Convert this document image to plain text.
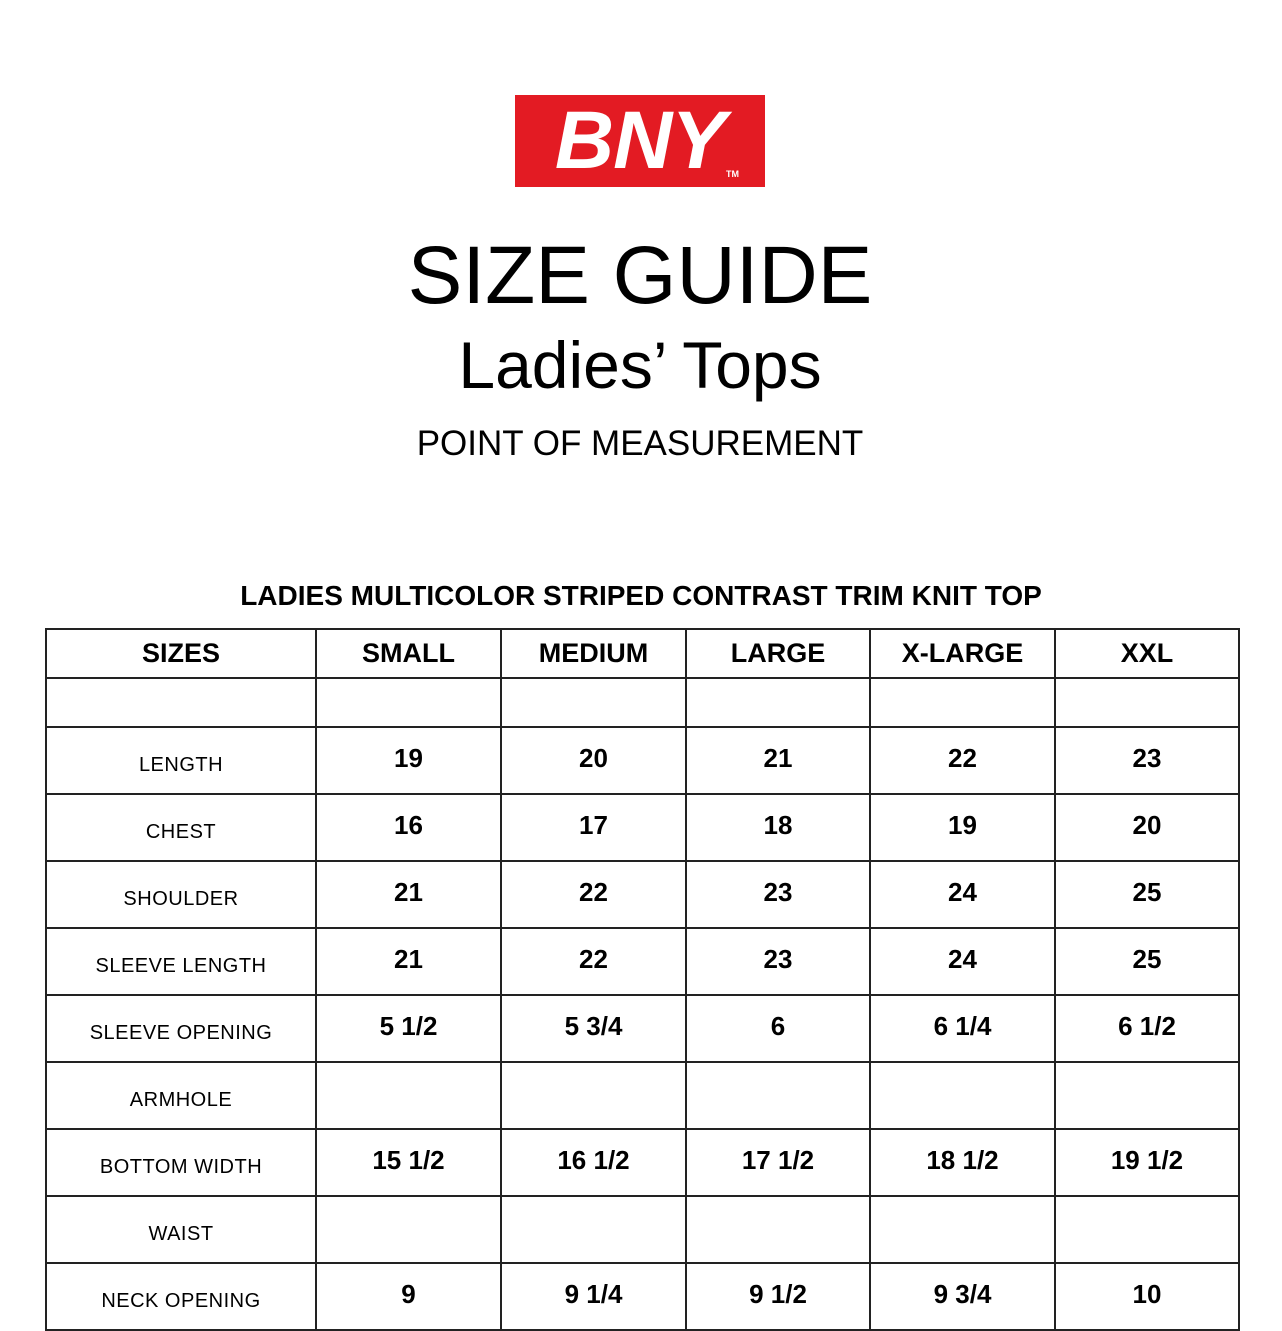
BNY TM
SIZE GUIDE
Ladies’ Tops
POINT OF MEASUREMENT
LADIES MULTICOLOR STRIPED CONTRAST TRIM KNIT TOP
SIZES	SMALL	MEDIUM	LARGE	X-LARGE	XXL

LENGTH	19	20	21	22	23
CHEST	16	17	18	19	20
SHOULDER	21	22	23	24	25
SLEEVE LENGTH	21	22	23	24	25
SLEEVE OPENING	5 1/2	5 3/4	6	6 1/4	6 1/2
ARMHOLE					
BOTTOM WIDTH	15 1/2	16 1/2	17 1/2	18 1/2	19 1/2
WAIST					
NECK OPENING	9	9 1/4	9 1/2	9 3/4	10
